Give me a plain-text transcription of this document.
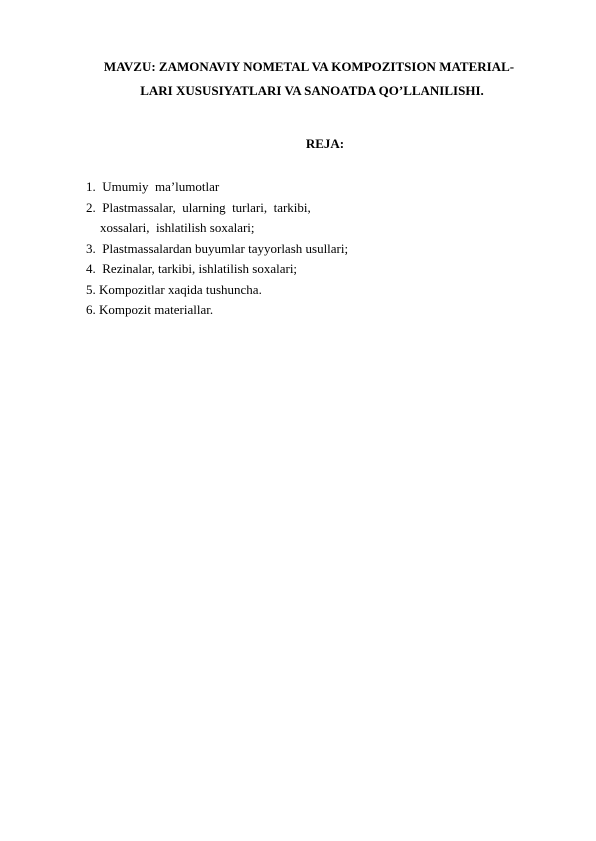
MAVZU: ZAMONAVIY NOMETAL VA KOMPOZITSION MATERIAL-
LARI XUSUSIYATLARI VA SANOATDA QO’LLANILISHI.
REJA:
1.  Umumiy  ma’lumotlar
2.  Plastmassalar,  ularning  turlari,  tarkibi,
xossalari,  ishlatilish soxalari;
3.  Plastmassalardan buyumlar tayyorlash usullari;
4.  Rezinalar, tarkibi, ishlatilish soxalari;
5. Kompozitlar xaqida tushuncha.
6. Kompozit materiallar.
